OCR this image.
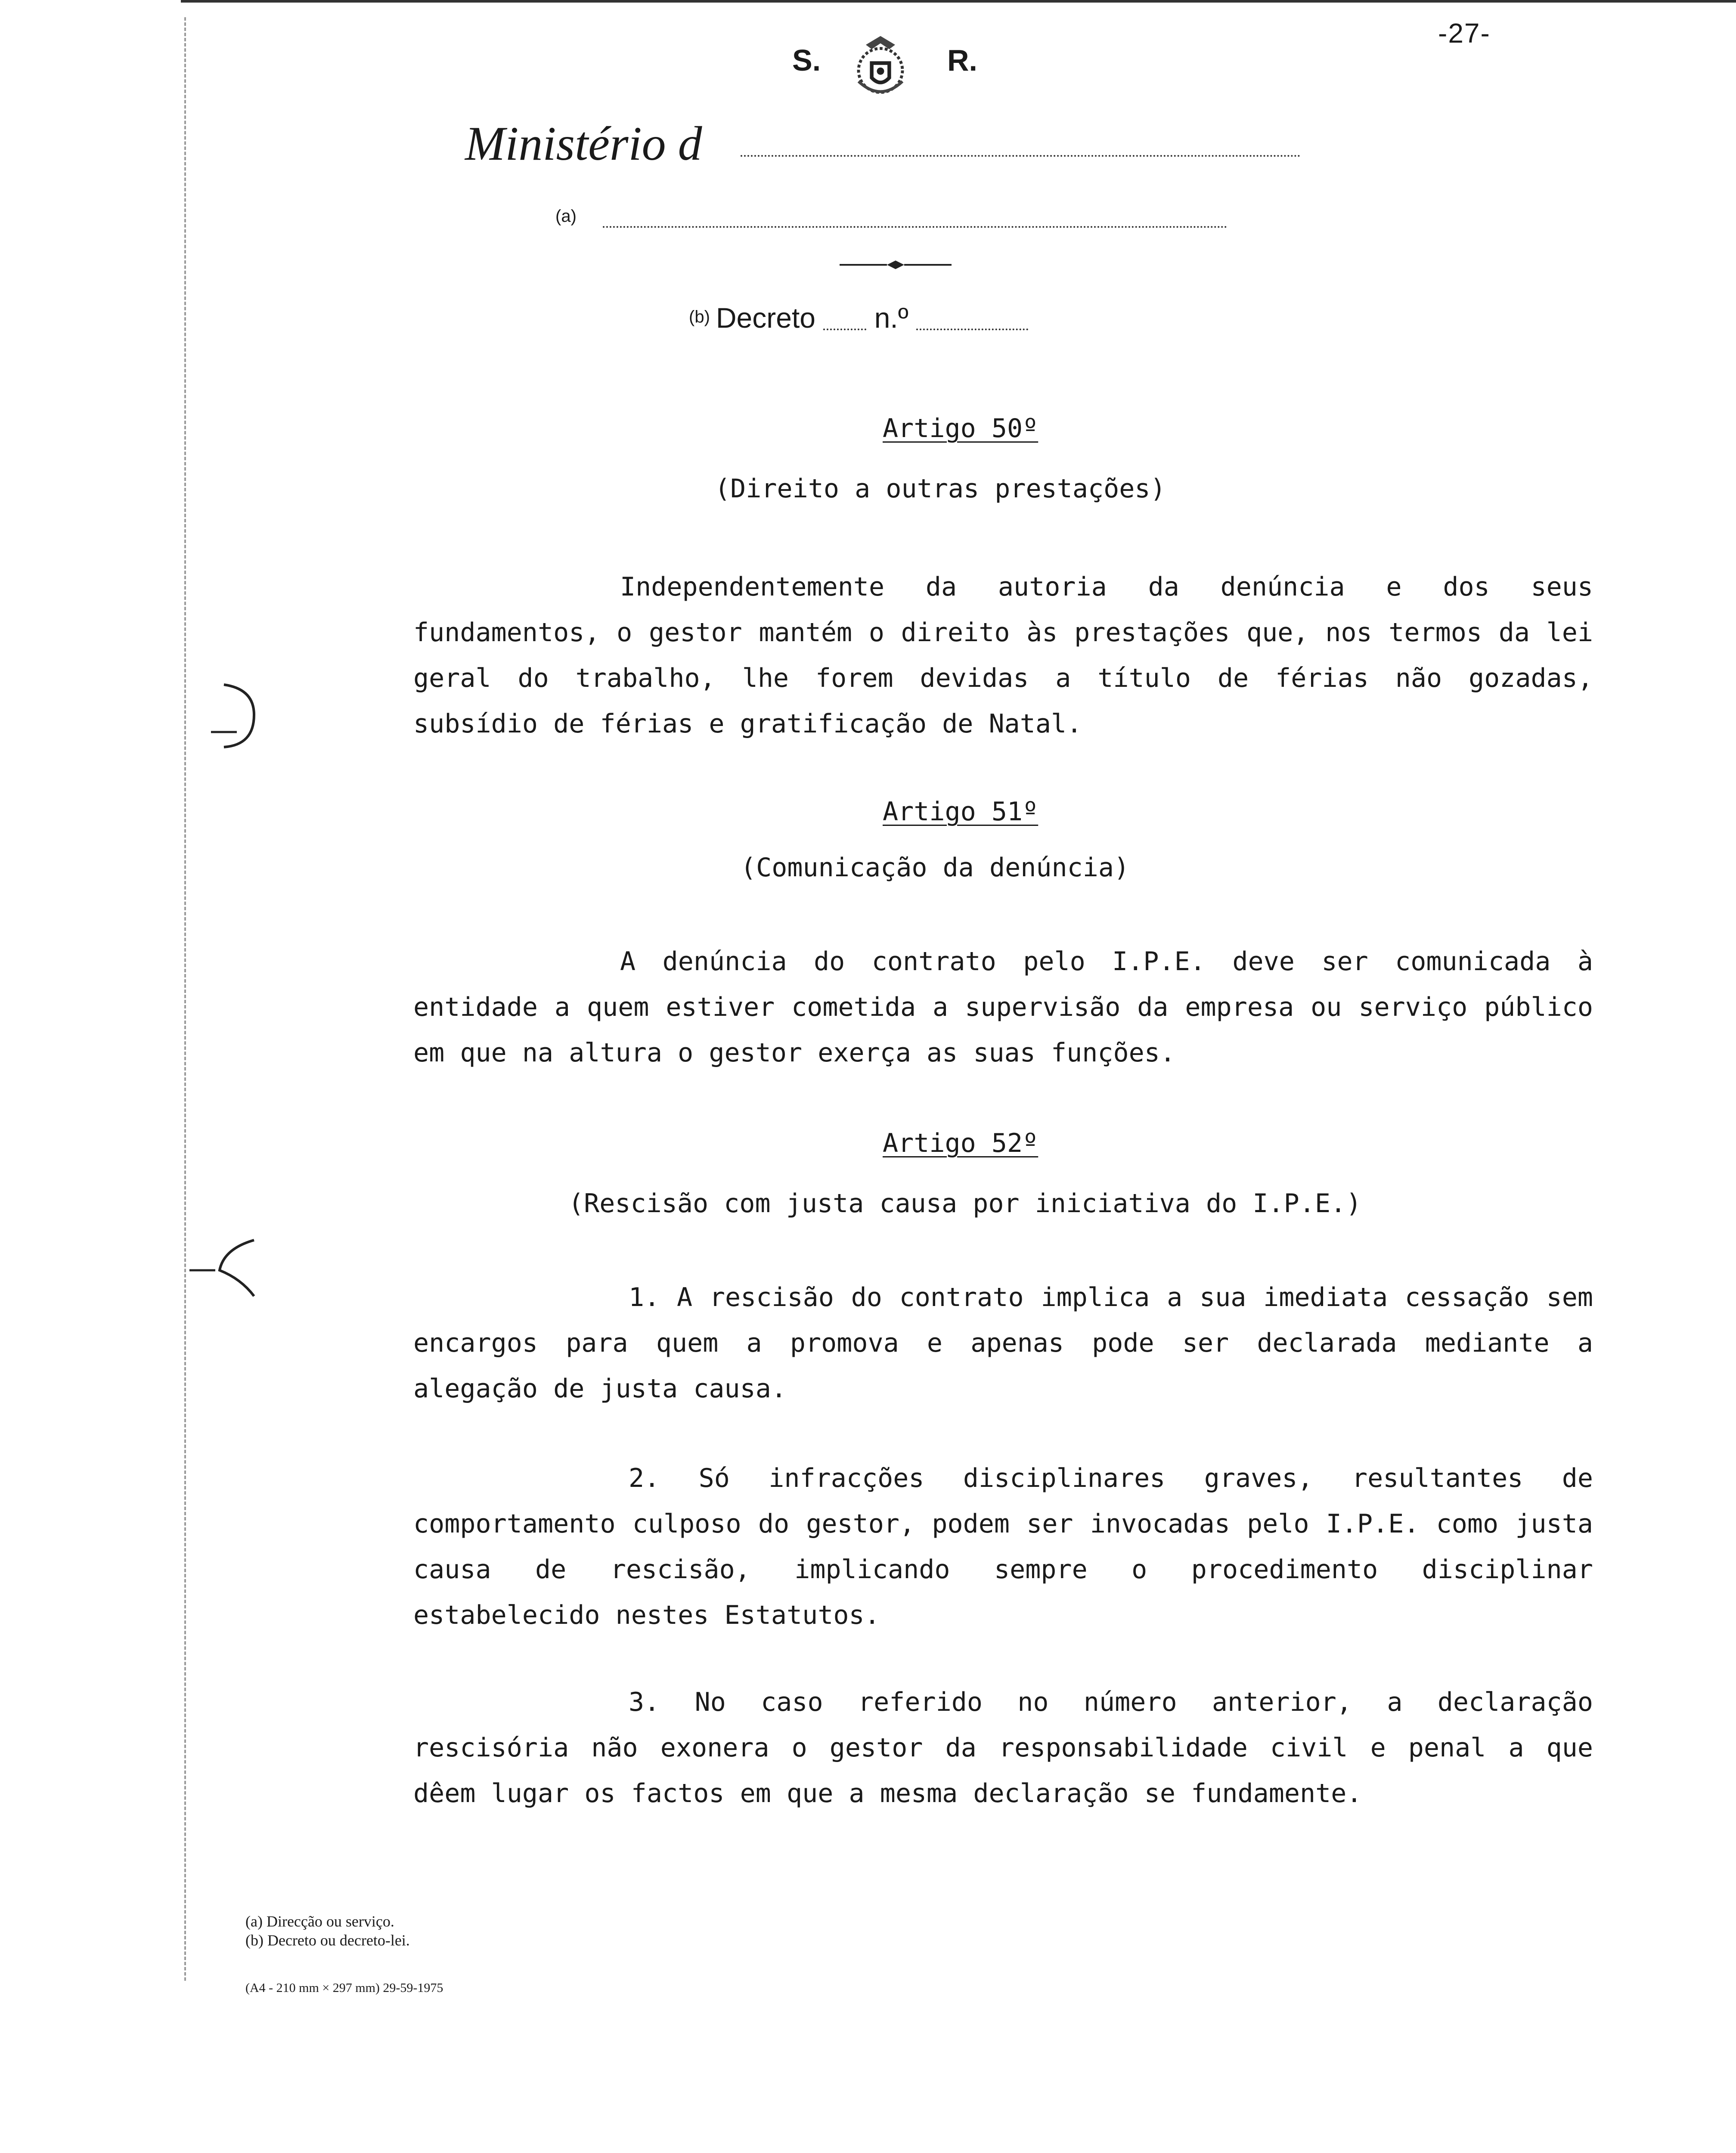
-27-
S.	R.
Ministério d
(a)
(b) Decreto n.º
Artigo 50º
(Direito a outras prestações)

Independentemente da autoria da denúncia e dos seus fundamentos, o gestor mantém o direito às prestações que, nos termos da lei geral do trabalho, lhe forem devidas a título de férias não gozadas, subsídio de férias e gratificação de Natal.

Artigo 51º
(Comunicação da denúncia)

A denúncia do contrato pelo I.P.E. deve ser comunicada à entidade a quem estiver cometida a supervisão da empresa ou serviço público em que na altura o gestor exerça as suas funções.

Artigo 52º
(Rescisão com justa causa por iniciativa do I.P.E.)

1. A rescisão do contrato implica a sua imediata cessação sem encargos para quem a promova e apenas pode ser declarada mediante a alegação de justa causa.

2. Só infracções disciplinares graves, resultantes de comportamento culposo do gestor, podem ser invocadas pelo I.P.E. como justa causa de rescisão, implicando sempre o procedimento disciplinar estabelecido nestes Estatutos.

3. No caso referido no número anterior, a declaração rescisória não exonera o gestor da responsabilidade civil e penal a que dêem lugar os factos em que a mesma declaração se fundamente.

(a) Direcção ou serviço.
(b) Decreto ou decreto-lei.
(A4 - 210 mm × 297 mm) 29-59-1975
